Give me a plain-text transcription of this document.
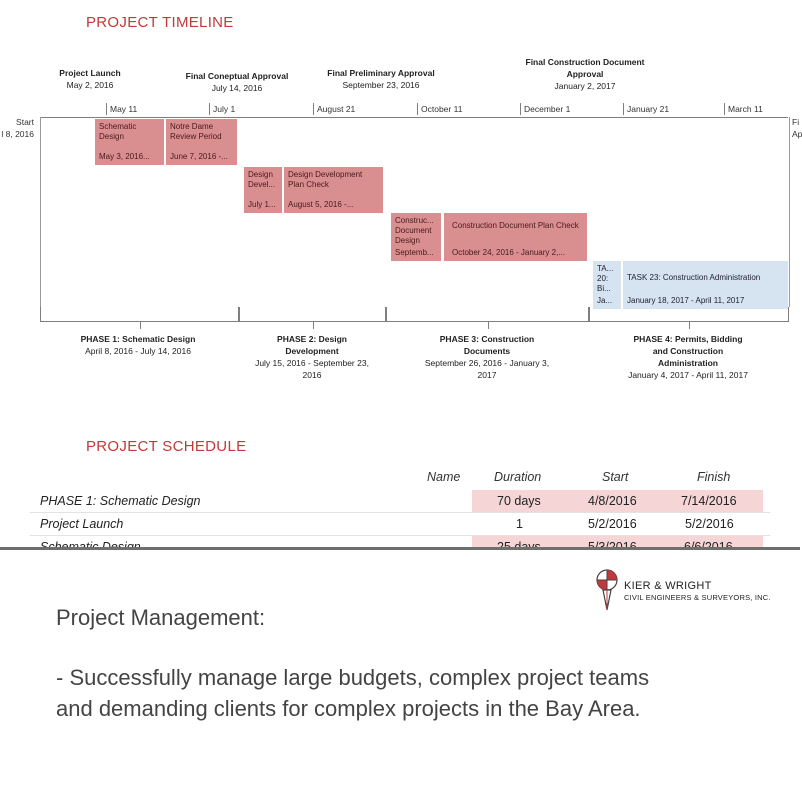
PROJECT TIMELINE
Project Launch
May 2, 2016
Final Coneptual Approval
July 14, 2016
Final Preliminary Approval
September 23, 2016
Final Construction Document Approval
January 2, 2017
May 11	July 1	August 21	October 11	December 1	January 21	March 11
Start
l 8, 2016
Fi
Ap
Schematic Design
May 3, 2016...
Notre Dame Review Period
June 7, 2016 -...
Design Devel...
July 1...
Design Development Plan Check
August 5, 2016 -...
Construc... Document Design
Septemb...
Construction Document Plan Check
October 24, 2016 - January 2,...
TA... 20: Bi...
Ja...
TASK 23: Construction Administration
January 18, 2017 - April 11, 2017
PHASE 1: Schematic Design
April 8, 2016 - July 14, 2016
PHASE 2: Design Development
July 15, 2016 - September 23, 2016
PHASE 3: Construction Documents
September 26, 2016 - January 3, 2017
PHASE 4: Permits, Bidding and Construction Administration
January 4, 2017 - April 11, 2017
PROJECT SCHEDULE
Name	Duration	Start	Finish
PHASE 1: Schematic Design	70 days	4/8/2016	7/14/2016
Project Launch	1	5/2/2016	5/2/2016
KIER & WRIGHT
CIVIL ENGINEERS & SURVEYORS, INC.
Project Management:
- Successfully manage large budgets, complex project teams
and demanding clients for complex projects in the Bay Area.
